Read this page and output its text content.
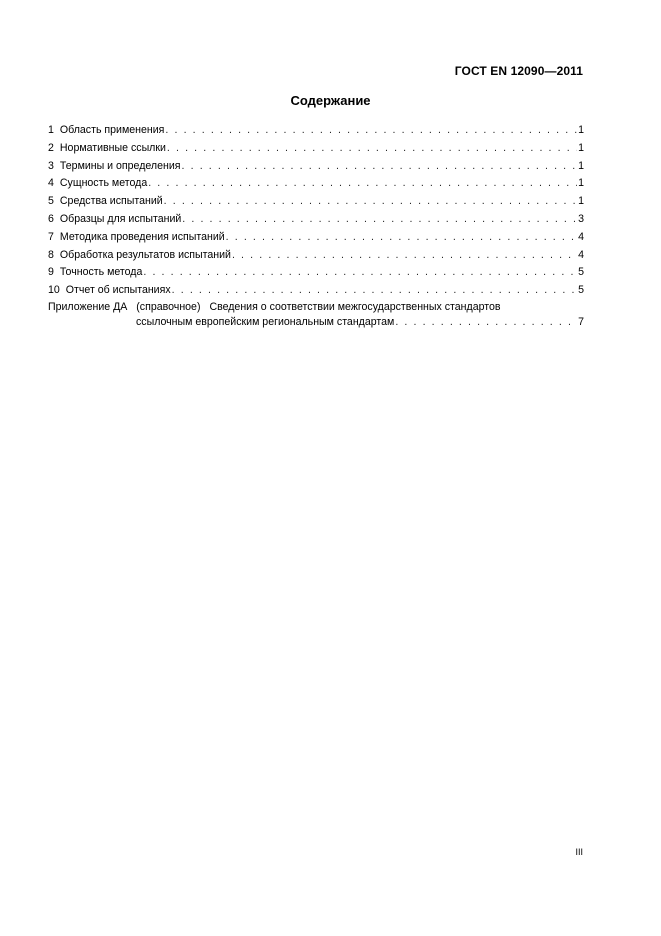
ГОСТ EN 12090—2011
Содержание
1 Область применения . . .	1
2 Нормативные ссылки . . .	1
3 Термины и определения . . .	1
4 Сущность метода . . .	1
5 Средства испытаний . . .	1
6 Образцы для испытаний . . .	3
7 Методика проведения испытаний . . .	4
8 Обработка результатов испытаний . . .	4
9 Точность метода . . .	5
10 Отчет об испытаниях . . .	5
Приложение ДА (справочное) Сведения о соответствии межгосударственных стандартов
ссылочным европейским региональным стандартам . . .	7
III
